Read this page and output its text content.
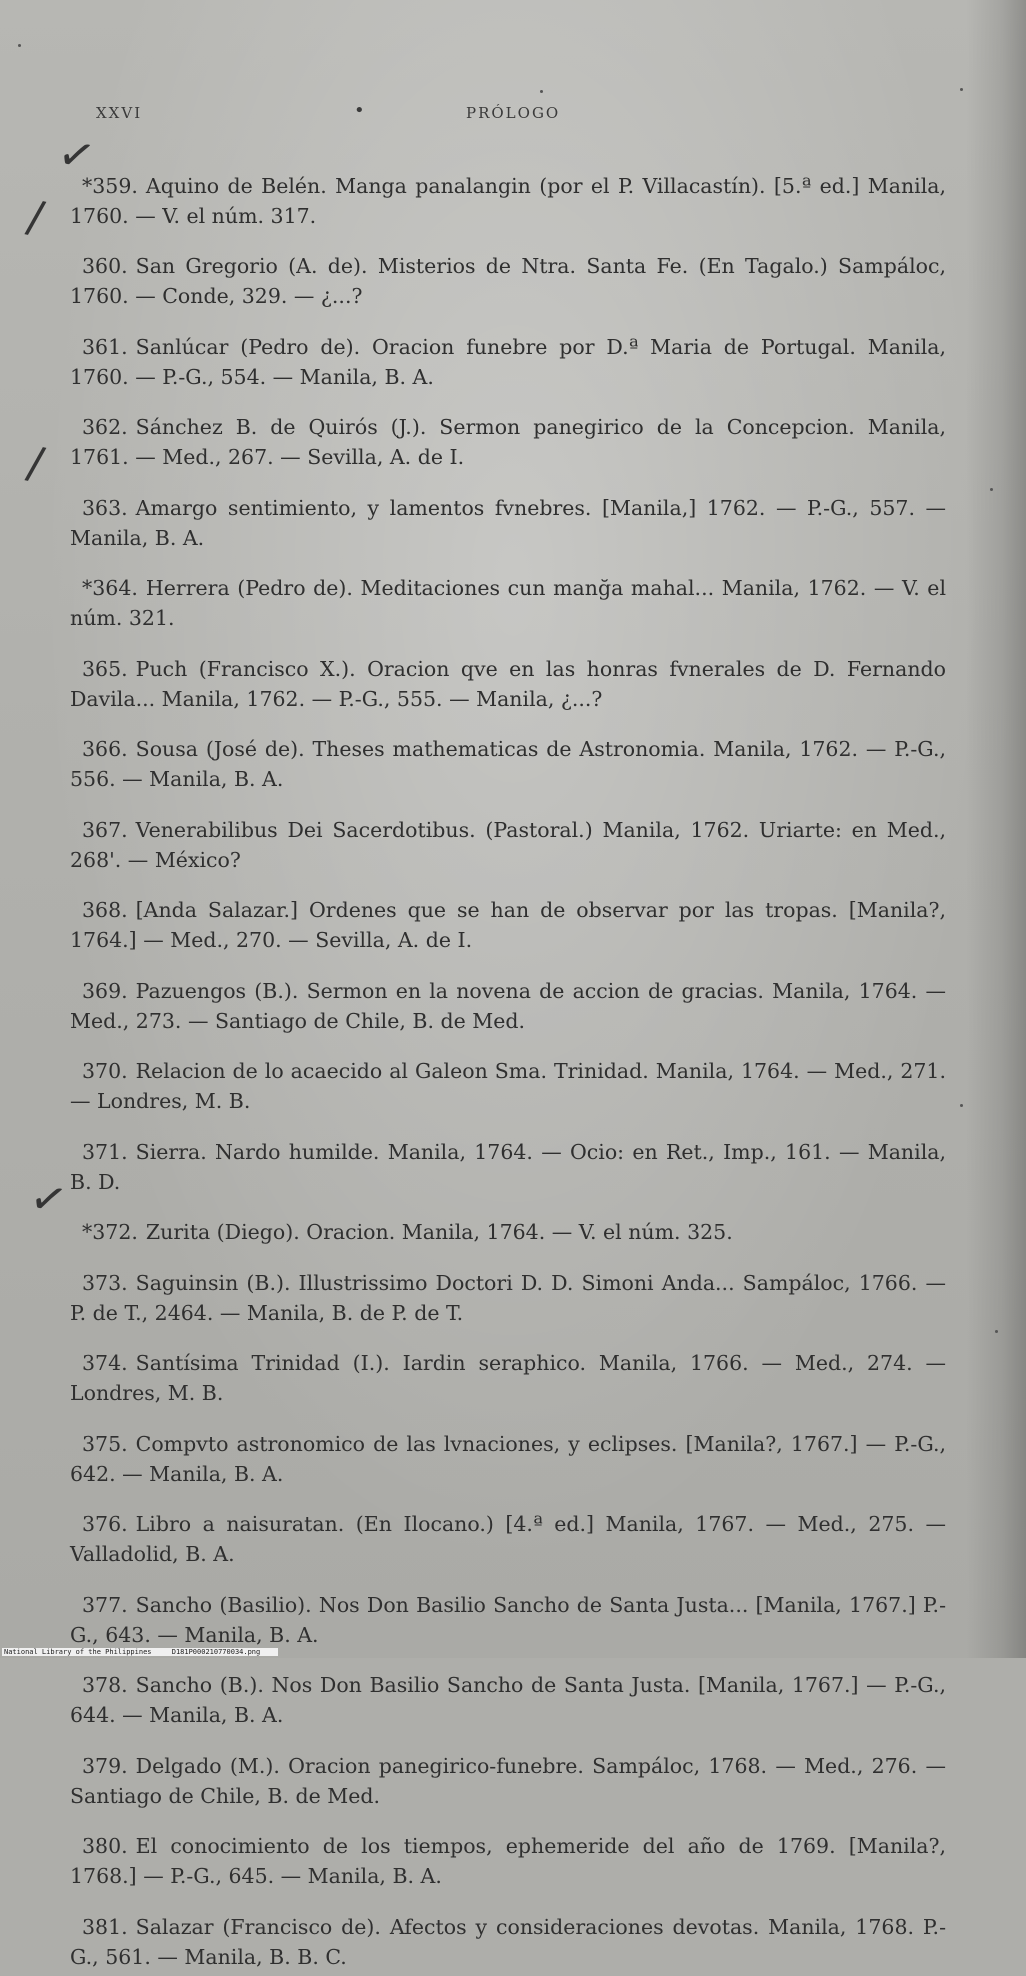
XXVI	•	PRÓLOGO
✓
/
/
✓

*359. Aquino de Belén. Manga panalangin (por el P. Villacastín). [5.ª ed.] Manila, 1760. — V. el núm. 317.

360. San Gregorio (A. de). Misterios de Ntra. Santa Fe. (En Tagalo.) Sampáloc, 1760. — Conde, 329. — ¿...?

361. Sanlúcar (Pedro de). Oracion funebre por D.ª Maria de Portugal. Manila, 1760. — P.-G., 554. — Manila, B. A.

362. Sánchez B. de Quirós (J.). Sermon panegirico de la Concepcion. Manila, 1761. — Med., 267. — Sevilla, A. de I.

363. Amargo sentimiento, y lamentos fvnebres. [Manila,] 1762. — P.-G., 557. — Manila, B. A.

*364. Herrera (Pedro de). Meditaciones cun manğa mahal... Manila, 1762. — V. el núm. 321.

365. Puch (Francisco X.). Oracion qve en las honras fvnerales de D. Fernando Davila... Manila, 1762. — P.-G., 555. — Manila, ¿...?

366. Sousa (José de). Theses mathematicas de Astronomia. Manila, 1762. — P.-G., 556. — Manila, B. A.

367. Venerabilibus Dei Sacerdotibus. (Pastoral.) Manila, 1762. Uriarte: en Med., 268'. — México?

368. [Anda Salazar.] Ordenes que se han de observar por las tropas. [Manila?, 1764.] — Med., 270. — Sevilla, A. de I.

369. Pazuengos (B.). Sermon en la novena de accion de gracias. Manila, 1764. — Med., 273. — Santiago de Chile, B. de Med.

370. Relacion de lo acaecido al Galeon Sma. Trinidad. Manila, 1764. — Med., 271. — Londres, M. B.

371. Sierra. Nardo humilde. Manila, 1764. — Ocio: en Ret., Imp., 161. — Manila, B. D.

*372. Zurita (Diego). Oracion. Manila, 1764. — V. el núm. 325.

373. Saguinsin (B.). Illustrissimo Doctori D. D. Simoni Anda... Sampáloc, 1766. — P. de T., 2464. — Manila, B. de P. de T.

374. Santísima Trinidad (I.). Iardin seraphico. Manila, 1766. — Med., 274. — Londres, M. B.

375. Compvto astronomico de las lvnaciones, y eclipses. [Manila?, 1767.] — P.-G., 642. — Manila, B. A.

376. Libro a naisuratan. (En Ilocano.) [4.ª ed.] Manila, 1767. — Med., 275. — Valladolid, B. A.

377. Sancho (Basilio). Nos Don Basilio Sancho de Santa Justa... [Manila, 1767.] P.-G., 643. — Manila, B. A.

378. Sancho (B.). Nos Don Basilio Sancho de Santa Justa. [Manila, 1767.] — P.-G., 644. — Manila, B. A.

379. Delgado (M.). Oracion panegirico-funebre. Sampáloc, 1768. — Med., 276. — Santiago de Chile, B. de Med.

380. El conocimiento de los tiempos, ephemeride del año de 1769. [Manila?, 1768.] — P.-G., 645. — Manila, B. A.

381. Salazar (Francisco de). Afectos y consideraciones devotas. Manila, 1768. P.-G., 561. — Manila, B. B. C.

National Library of the Philippines	D181P000210770034.png
